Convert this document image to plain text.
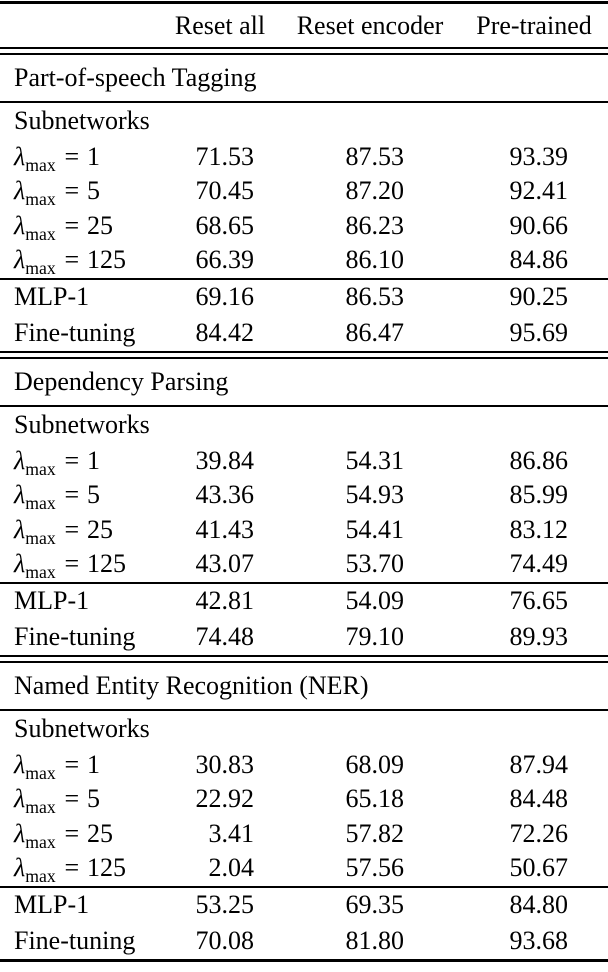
Reset all	Reset encoder	Pre-trained
Part-of-speech Tagging
Subnetworks
$\lambda_{max} = 1$	71.53	87.53	93.39
$\lambda_{max} = 5$	70.45	87.20	92.41
$\lambda_{max} = 25$	68.65	86.23	90.66
$\lambda_{max} = 125$	66.39	86.10	84.86
MLP-1	69.16	86.53	90.25
Fine-tuning	84.42	86.47	95.69
Dependency Parsing
Subnetworks
$\lambda_{max} = 1$	39.84	54.31	86.86
$\lambda_{max} = 5$	43.36	54.93	85.99
$\lambda_{max} = 25$	41.43	54.41	83.12
$\lambda_{max} = 125$	43.07	53.70	74.49
MLP-1	42.81	54.09	76.65
Fine-tuning	74.48	79.10	89.93
Named Entity Recognition (NER)
Subnetworks
$\lambda_{max} = 1$	30.83	68.09	87.94
$\lambda_{max} = 5$	22.92	65.18	84.48
$\lambda_{max} = 25$	3.41	57.82	72.26
$\lambda_{max} = 125$	2.04	57.56	50.67
MLP-1	53.25	69.35	84.80
Fine-tuning	70.08	81.80	93.68
